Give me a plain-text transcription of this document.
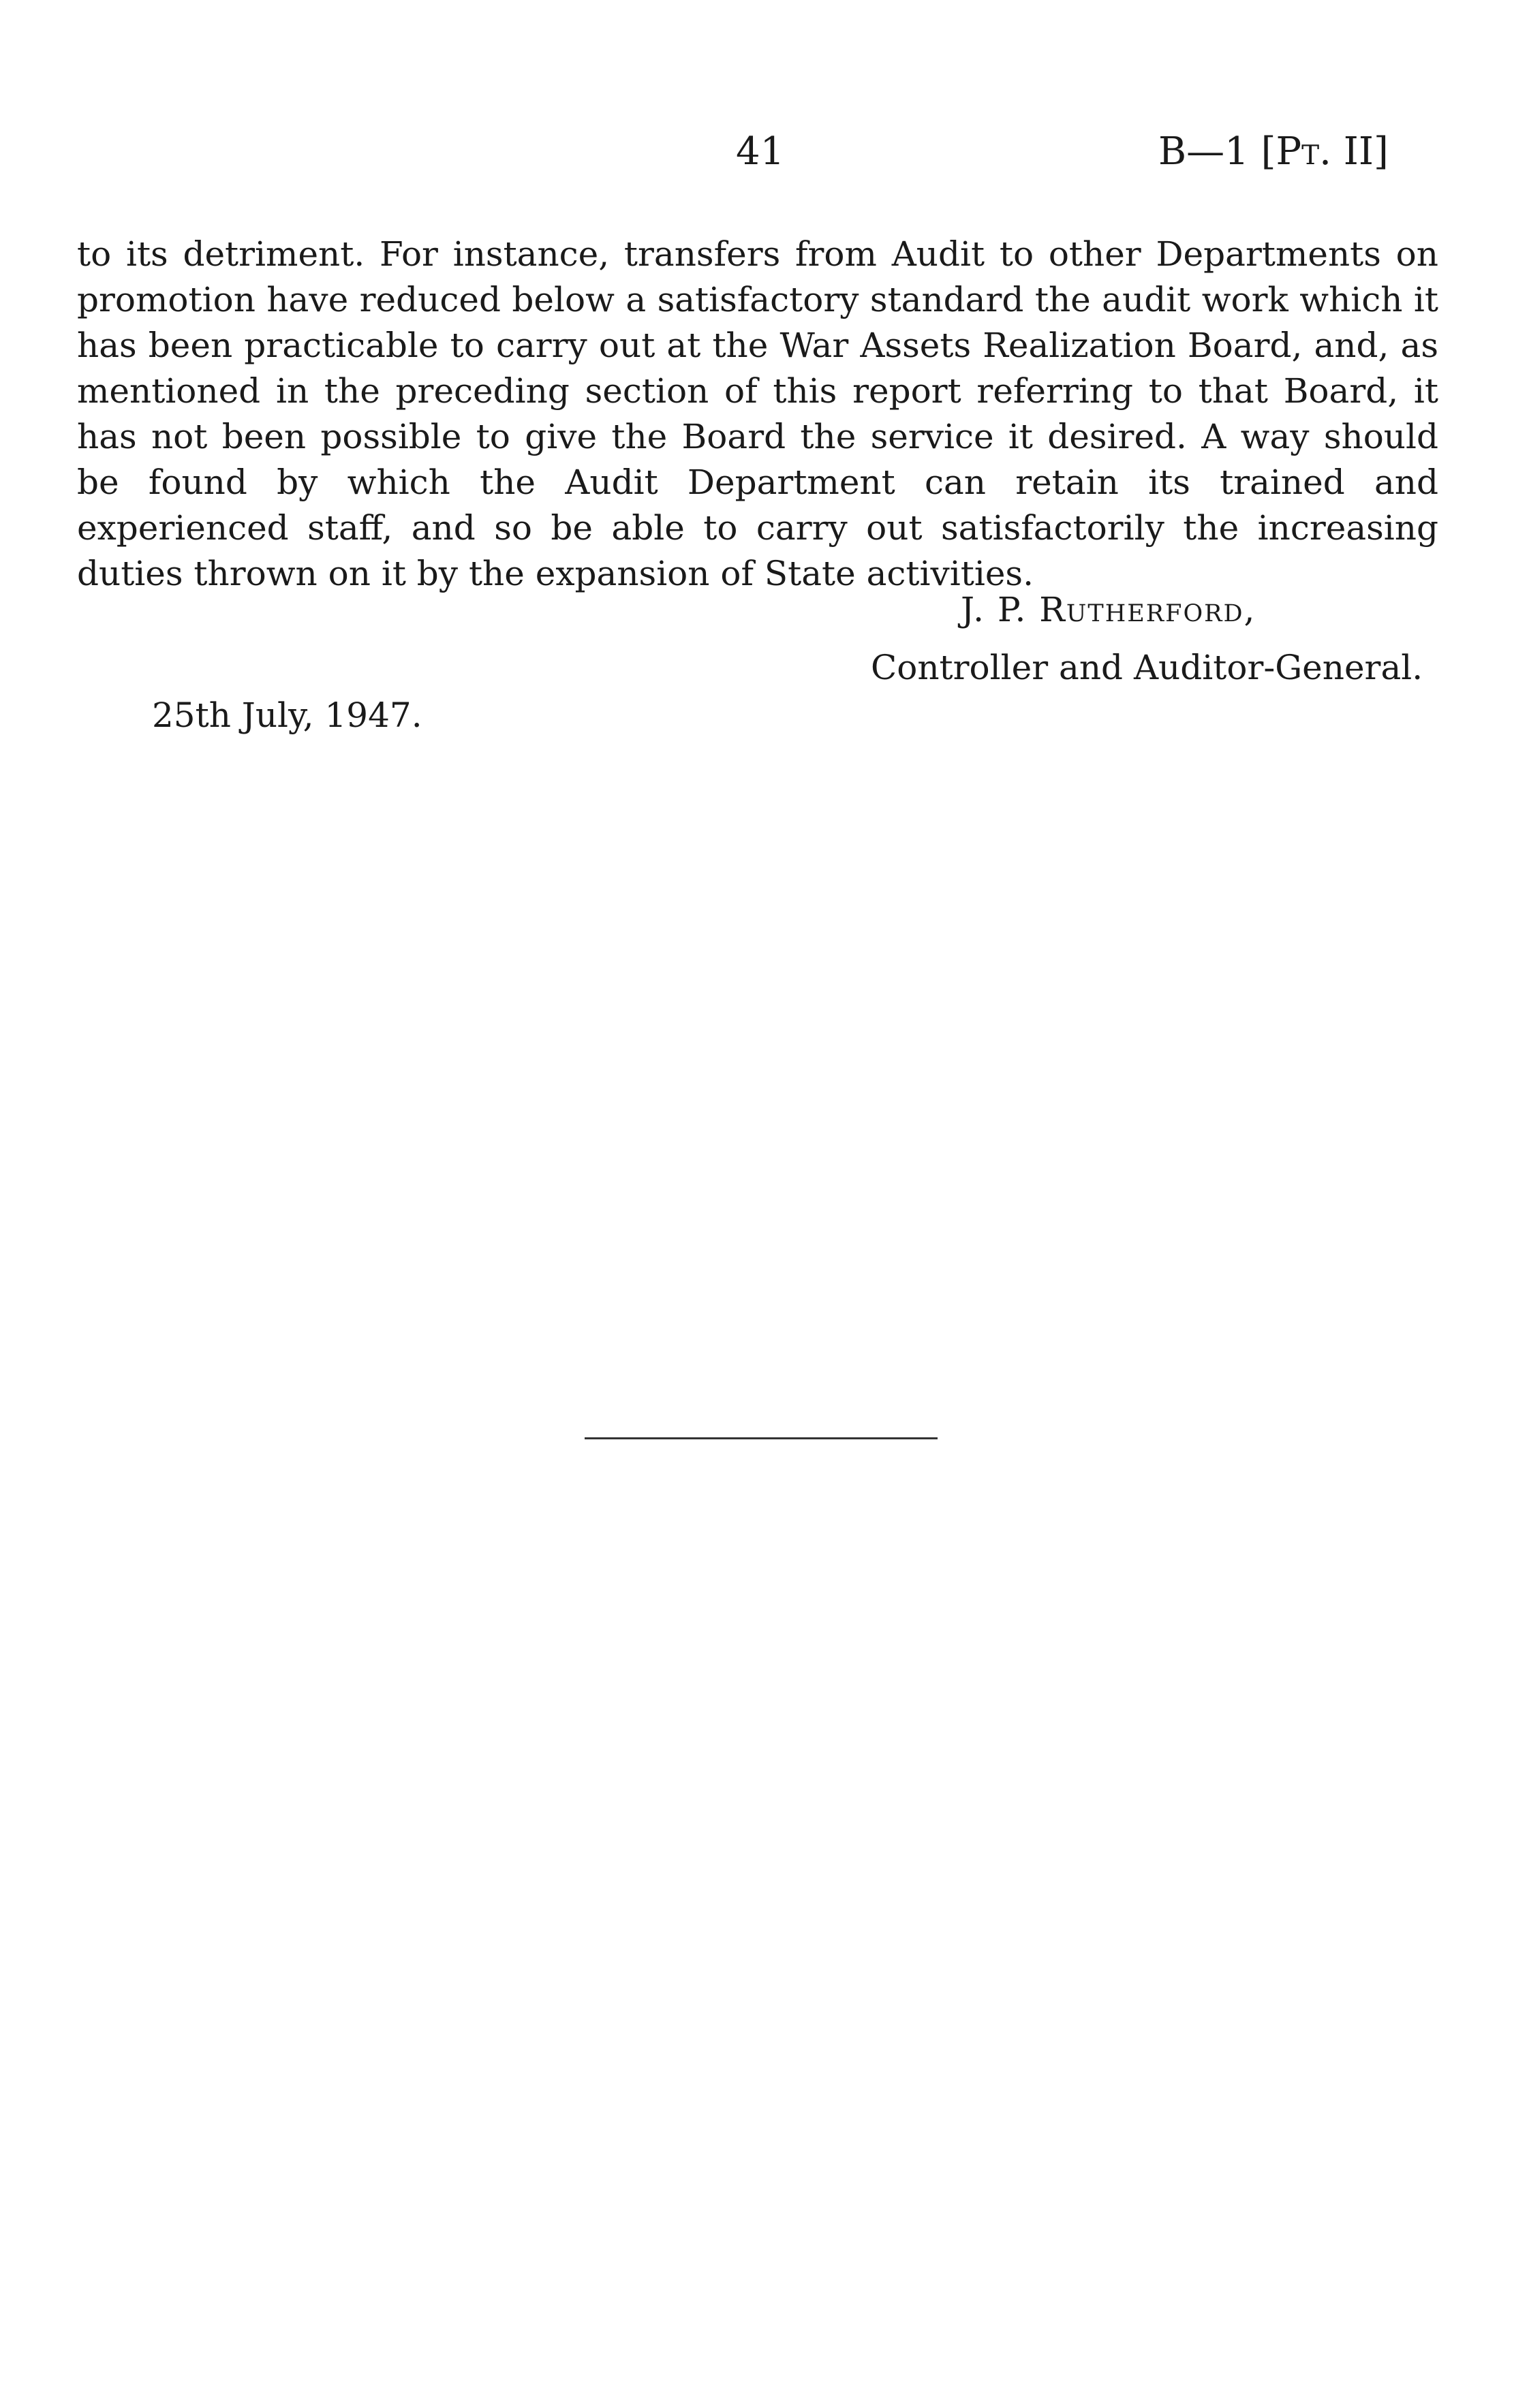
41	B—1 [Pt. II]

to its detriment. For instance, transfers from Audit to other Departments on promotion have reduced below a satisfactory standard the audit work which it has been practicable to carry out at the War Assets Realization Board, and, as mentioned in the preceding section of this report referring to that Board, it has not been possible to give the Board the service it desired. A way should be found by which the Audit Department can retain its trained and experienced staff, and so be able to carry out satisfactorily the increasing duties thrown on it by the expansion of State activities.

J. P. Rutherford,
Controller and Auditor-General.
25th July, 1947.
